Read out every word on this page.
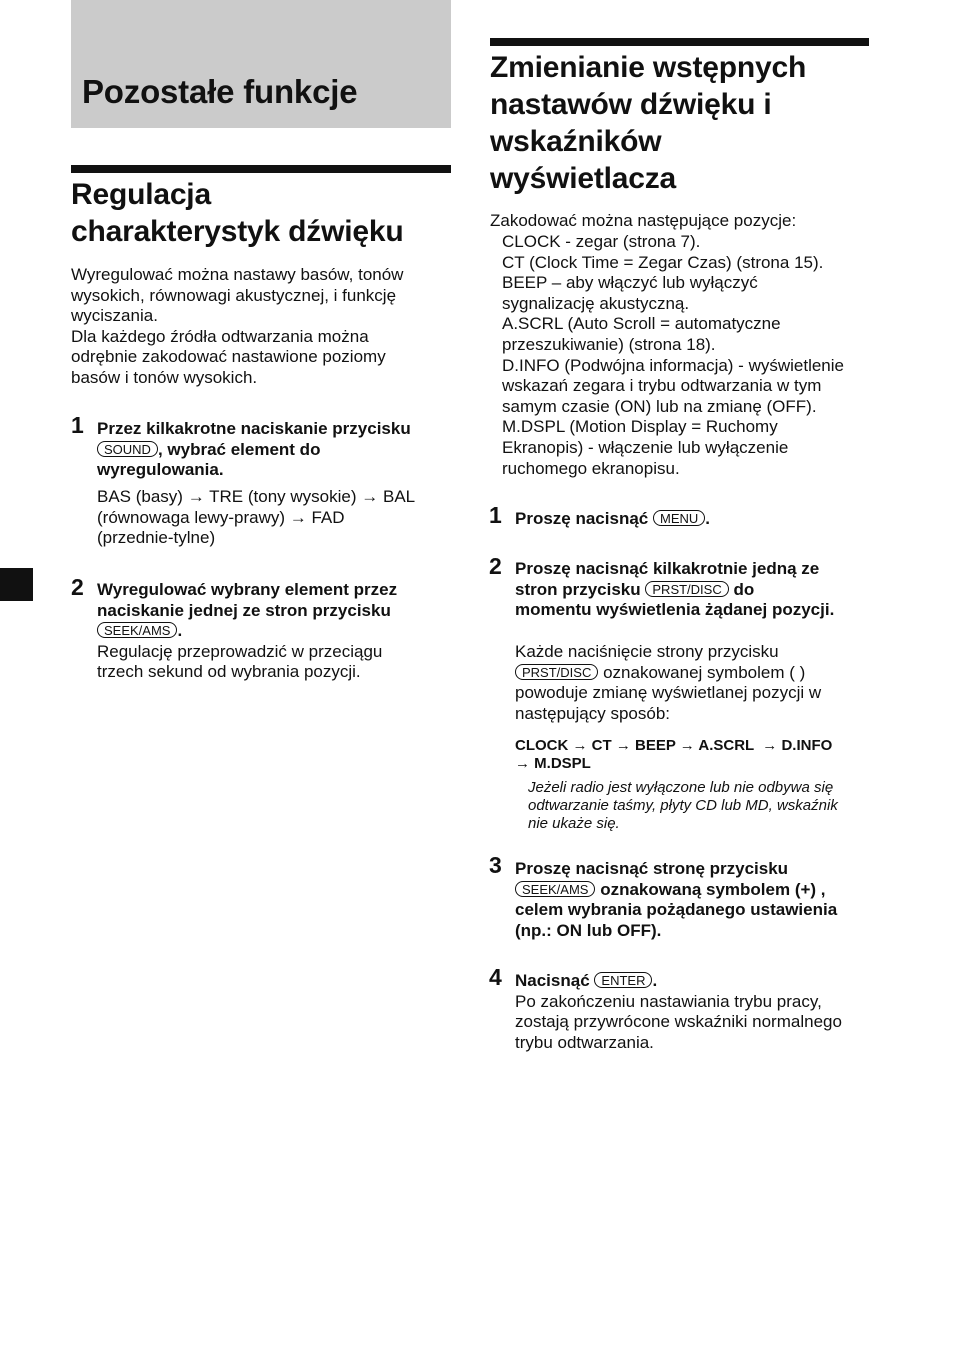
Pozostałe funkcje
Regulacja
charakterystyk dźwięku
Wyregulować można nastawy basów, tonów
wysokich, równowagi akustycznej, i funkcję
wyciszania.
Dla każdego źródła odtwarzania można
odrębnie zakodować nastawione poziomy
basów i tonów wysokich.
1 Przez kilkakrotne naciskanie przycisku
SOUND , wybrać element do
wyregulowania.
BAS (basy) → TRE (tony wysokie) → BAL
(równowaga lewy-prawy) → FAD
(przednie-tylne)
2 Wyregulować wybrany element przez
naciskanie jednej ze stron przycisku
SEEK/AMS .
Regulację przeprowadzić w przeciągu
trzech sekund od wybrania pozycji.
Zmienianie wstępnych
nastawów dźwięku i
wskaźników
wyświetlacza
Zakodować można następujące pozycje:
CLOCK - zegar (strona 7).
CT (Clock Time = Zegar Czas) (strona 15).
BEEP – aby włączyć lub wyłączyć
sygnalizację akustyczną.
A.SCRL (Auto Scroll = automatyczne
przeszukiwanie) (strona 18).
D.INFO (Podwójna informacja) - wyświetlenie
wskazań zegara i trybu odtwarzania w tym
samym czasie (ON) lub na zmianę (OFF).
M.DSPL (Motion Display = Ruchomy
Ekranopis) - włączenie lub wyłączenie
ruchomego ekranopisu.
1 Proszę nacisnąć MENU .
2 Proszę nacisnąć kilkakrotnie jedną ze
stron przycisku PRST/DISC do
momentu wyświetlenia żądanej pozycji.
Każde naciśnięcie strony przycisku
PRST/DISC oznakowanej symbolem ( )
powoduje zmianę wyświetlanej pozycji w
następujący sposób:
CLOCK → CT → BEEP → A.SCRL → D.INFO
→ M.DSPL
Jeżeli radio jest wyłączone lub nie odbywa się
odtwarzanie taśmy, płyty CD lub MD, wskaźnik
nie ukaże się.
3 Proszę nacisnąć stronę przycisku
SEEK/AMS oznakowaną symbolem (+) ,
celem wybrania pożądanego ustawienia
(np.: ON lub OFF).
4 Nacisnąć ENTER .
Po zakończeniu nastawiania trybu pracy,
zostają przywrócone wskaźniki normalnego
trybu odtwarzania.
